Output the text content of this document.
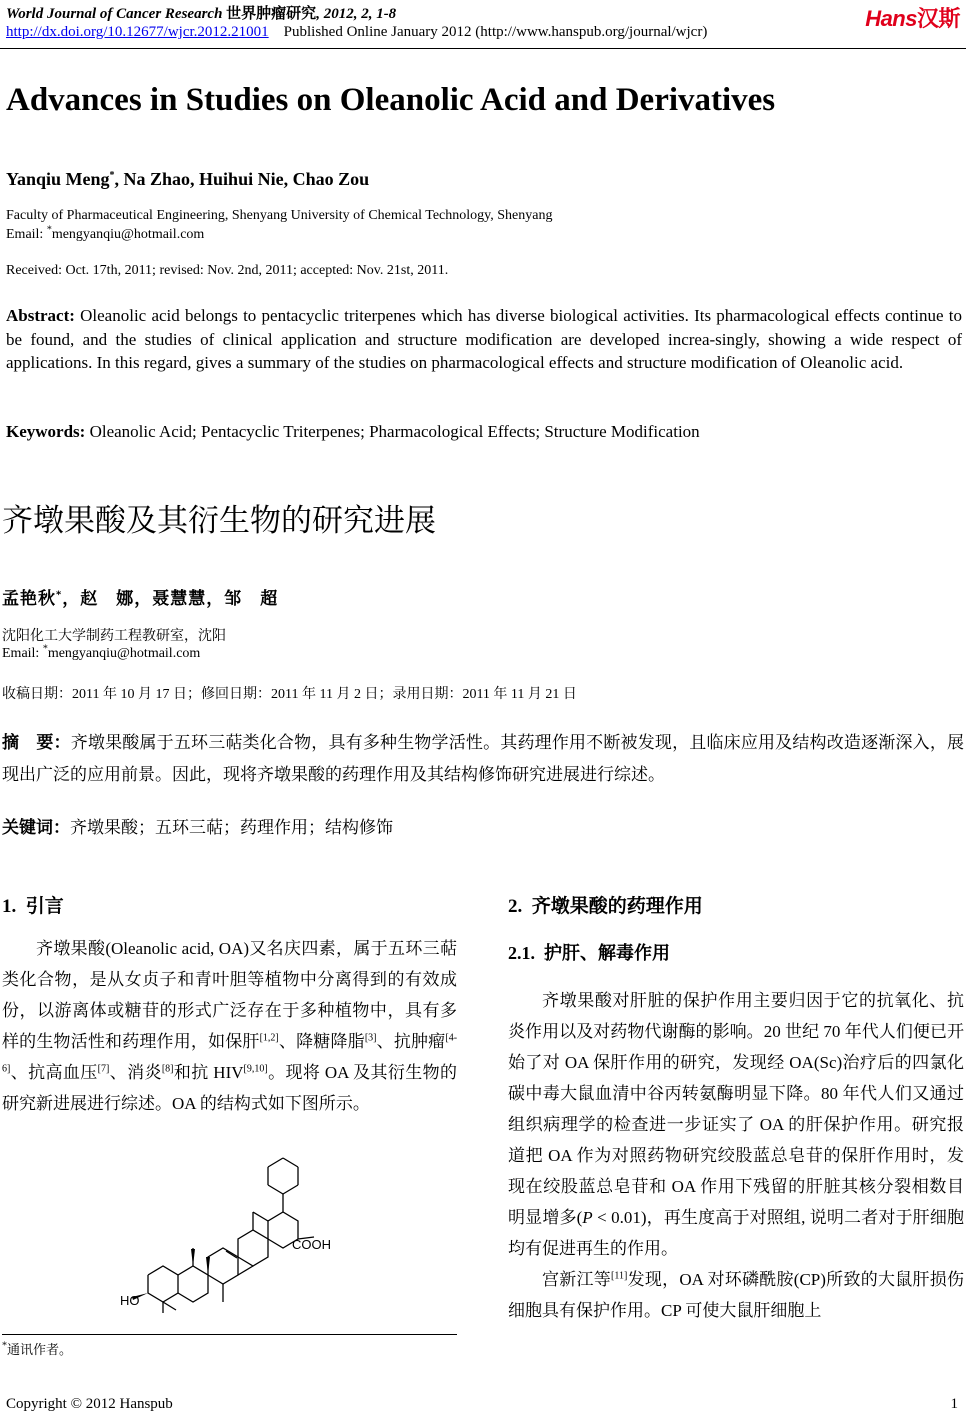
World Journal of Cancer Research 世界肿瘤研究, 2012, 2, 1-8
http://dx.doi.org/10.12677/wjcr.2012.21001 Published Online January 2012 (http://www.hanspub.org/journal/wjcr)
Hans汉斯
Advances in Studies on Oleanolic Acid and Derivatives
Yanqiu Meng*, Na Zhao, Huihui Nie, Chao Zou
Faculty of Pharmaceutical Engineering, Shenyang University of Chemical Technology, Shenyang
Email: *mengyanqiu@hotmail.com
Received: Oct. 17th, 2011; revised: Nov. 2nd, 2011; accepted: Nov. 21st, 2011.
Abstract: Oleanolic acid belongs to pentacyclic triterpenes which has diverse biological activities. Its pharmacological effects continue to be found, and the studies of clinical application and structure modification are developed increa-singly, showing a wide respect of applications. In this regard, gives a summary of the studies on pharmacological effects and structure modification of Oleanolic acid.
Keywords: Oleanolic Acid; Pentacyclic Triterpenes; Pharmacological Effects; Structure Modification
齐墩果酸及其衍生物的研究进展
孟艳秋*，赵　娜，聂慧慧，邹　超
沈阳化工大学制药工程教研室，沈阳
Email: *mengyanqiu@hotmail.com
收稿日期：2011 年 10 月 17 日；修回日期：2011 年 11 月 2 日；录用日期：2011 年 11 月 21 日
摘　要：齐墩果酸属于五环三萜类化合物，具有多种生物学活性。其药理作用不断被发现，且临床应用及结构改造逐渐深入，展现出广泛的应用前景。因此，现将齐墩果酸的药理作用及其结构修饰研究进展进行综述。
关键词：齐墩果酸；五环三萜；药理作用；结构修饰
1. 引言

齐墩果酸(Oleanolic acid, OA)又名庆四素，属于五环三萜类化合物，是从女贞子和青叶胆等植物中分离得到的有效成份，以游离体或糖苷的形式广泛存在于多种植物中，具有多样的生物活性和药理作用，如保肝[1,2]、降糖降脂[3]、抗肿瘤[4-6]、抗高血压[7]、消炎[8]和抗 HIV[9,10]。现将 OA 及其衍生物的研究新进展进行综述。OA 的结构式如下图所示。

COOH
HO
*通讯作者。
2. 齐墩果酸的药理作用
2.1. 护肝、解毒作用

齐墩果酸对肝脏的保护作用主要归因于它的抗氧化、抗炎作用以及对药物代谢酶的影响。20 世纪 70 年代人们便已开始了对 OA 保肝作用的研究，发现经 OA(Sc)治疗后的四氯化碳中毒大鼠血清中谷丙转氨酶明显下降。80 年代人们又通过组织病理学的检查进一步证实了 OA 的肝保护作用。研究报道把 OA 作为对照药物研究绞股蓝总皂苷的保肝作用时，发现在绞股蓝总皂苷和 OA 作用下残留的肝脏其核分裂相数目明显增多(P < 0.01)，再生度高于对照组, 说明二者对于肝细胞均有促进再生的作用。

宫新江等[11]发现，OA 对环磷酰胺(CP)所致的大鼠肝损伤细胞具有保护作用。CP 可使大鼠肝细胞上

Copyright © 2012 Hanspub	1
